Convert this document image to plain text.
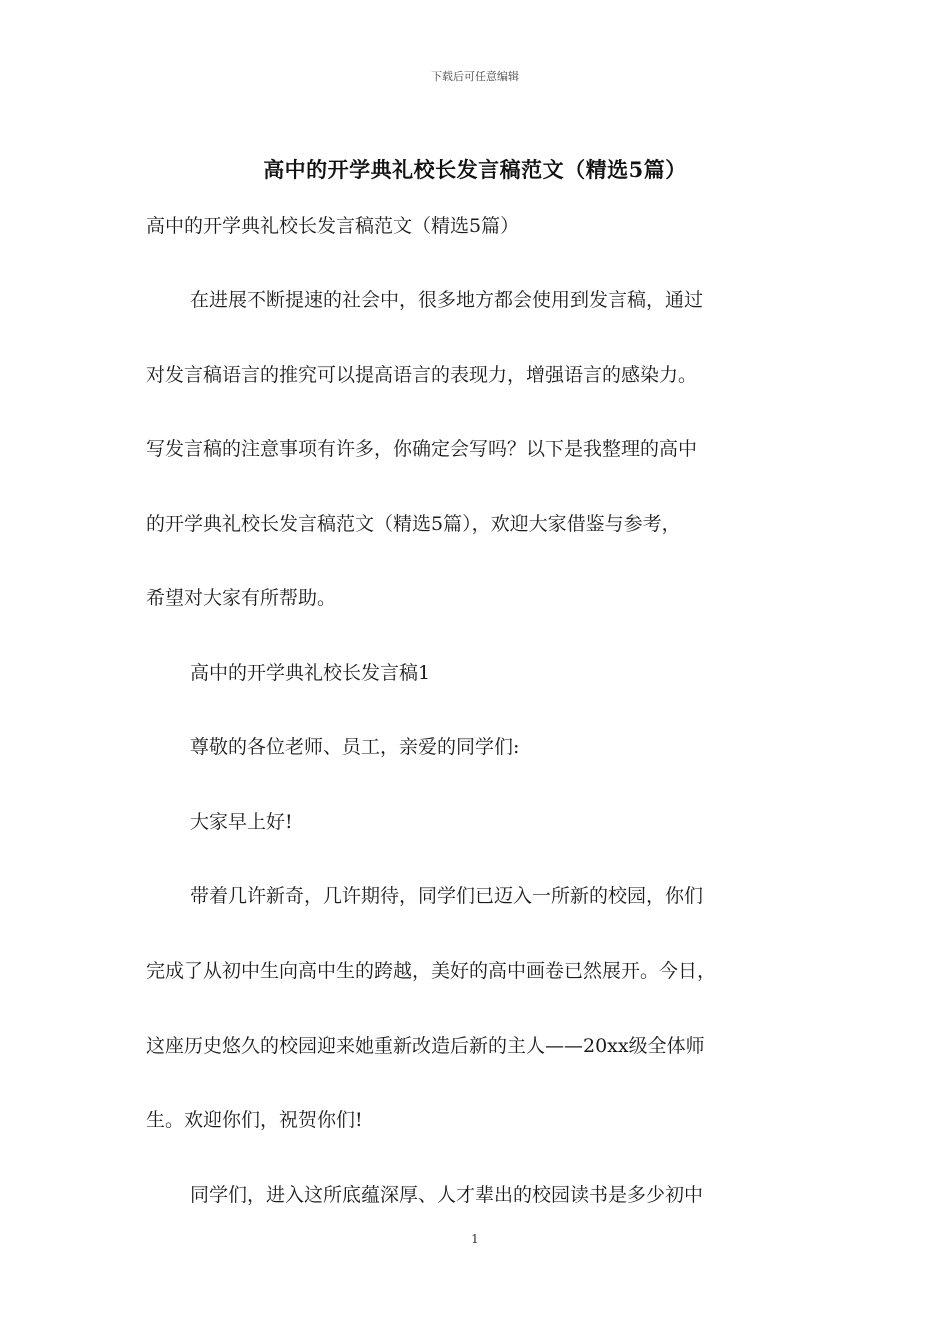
下载后可任意编辑
高中的开学典礼校长发言稿范文（精选5篇）
高中的开学典礼校长发言稿范文（精选5篇）
在进展不断提速的社会中，很多地方都会使用到发言稿，通过
对发言稿语言的推究可以提高语言的表现力，增强语言的感染力。
写发言稿的注意事项有许多，你确定会写吗？以下是我整理的高中
的开学典礼校长发言稿范文（精选5篇），欢迎大家借鉴与参考，
希望对大家有所帮助。
高中的开学典礼校长发言稿1
尊敬的各位老师、员工，亲爱的同学们:
大家早上好!
带着几许新奇，几许期待，同学们已迈入一所新的校园，你们
完成了从初中生向高中生的跨越，美好的高中画卷已然展开。今日，
这座历史悠久的校园迎来她重新改造后新的主人——20xx级全体师
生。欢迎你们，祝贺你们!
同学们，进入这所底蕴深厚、人才辈出的校园读书是多少初中
1
